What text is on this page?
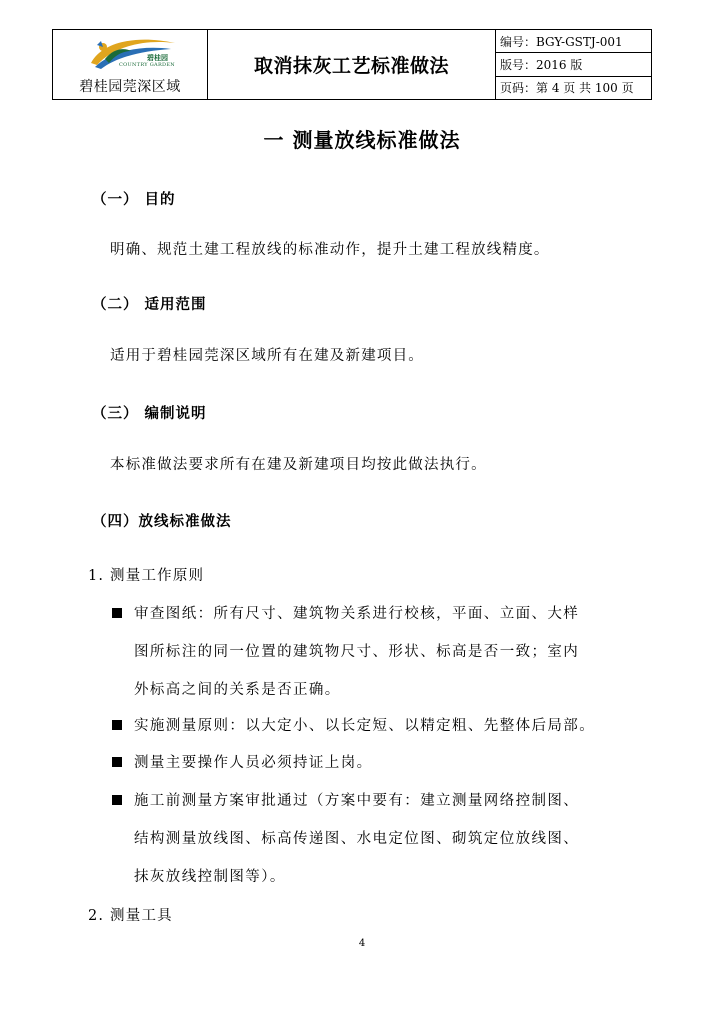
碧桂园
COUNTRY GARDEN
碧桂园莞深区域
取消抹灰工艺标准做法
编号：BGY-GSTJ-001
版号：2016 版
页码：第 4 页 共 100 页
一 测量放线标准做法
（一） 目的
明确、规范土建工程放线的标准动作，提升土建工程放线精度。
（二） 适用范围
适用于碧桂园莞深区域所有在建及新建项目。
（三） 编制说明
本标准做法要求所有在建及新建项目均按此做法执行。
（四）放线标准做法
1. 测量工作原则
审查图纸：所有尺寸、建筑物关系进行校核，平面、立面、大样
图所标注的同一位置的建筑物尺寸、形状、标高是否一致；室内
外标高之间的关系是否正确。
实施测量原则：以大定小、以长定短、以精定粗、先整体后局部。
测量主要操作人员必须持证上岗。
施工前测量方案审批通过（方案中要有：建立测量网络控制图、
结构测量放线图、标高传递图、水电定位图、砌筑定位放线图、
抹灰放线控制图等）。
2. 测量工具
4
